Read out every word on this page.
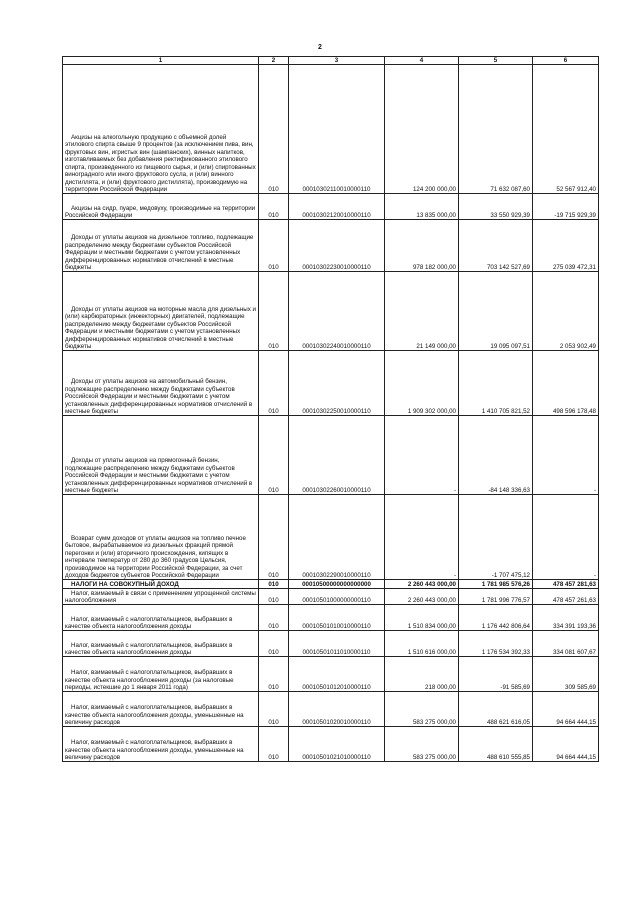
2
1	2	3	4	5	6

Акцизы на алкогольную продукцию с объемной долей этилового спирта свыше 9 процентов (за исключением пива, вин, фруктовых вин, игристых вин (шампанских), винных напитков, изготавливаемых без добавления ректификованного этилового спирта, произведенного из пищевого сырья, и (или) спиртованных виноградного или иного фруктового сусла, и (или) винного дистиллята, и (или) фруктового дистиллята), производимую на территории Российской Федерации	010	00010302110010000110	124 200 000,00	71 632 087,60	52 567 912,40

Акцизы на сидр, пуаре, медовуху, производимые на территории Российской Федерации	010	00010302120010000110	13 835 000,00	33 550 929,39	-19 715 929,39

Доходы от уплаты акцизов на дизельное топливо, подлежащие распределению между бюджетами субъектов Российской Федерации и местными бюджетами с учетом установленных дифференцированных нормативов отчислений в местные бюджеты	010	00010302230010000110	978 182 000,00	703 142 527,69	275 039 472,31

Доходы от уплаты акцизов на моторные масла для дизельных и (или) карбюраторных (инжекторных) двигателей, подлежащие распределению между бюджетами субъектов Российской Федерации и местными бюджетами с учетом установленных дифференцированных нормативов отчислений в местные бюджеты	010	00010302240010000110	21 149 000,00	19 095 097,51	2 053 902,49

Доходы от уплаты акцизов на автомобильный бензин, подлежащие распределению между бюджетами субъектов Российской Федерации и местными бюджетами с учетом установленных дифференцированных нормативов отчислений в местные бюджеты	010	00010302250010000110	1 909 302 000,00	1 410 705 821,52	498 596 178,48

Доходы от уплаты акцизов на прямогонный бензин, подлежащие распределению между бюджетами субъектов Российской Федерации и местными бюджетами с учетом установленных дифференцированных нормативов отчислений в местные бюджеты	010	00010302260010000110	-	-84 148 336,63	-

Возврат сумм доходов от уплаты акцизов на топливо печное бытовое, вырабатываемое из дизельных фракций прямой перегонки и (или) вторичного происхождения, кипящих в интервале температур от 280 до 360 градусов Цельсия, производимое на территории Российской Федерации, за счет доходов бюджетов субъектов Российской Федерации	010	00010302290010000110	-	-1 707 475,12	-

НАЛОГИ НА СОВОКУПНЫЙ ДОХОД	010	00010500000000000000	2 260 443 000,00	1 781 985 576,26	478 457 281,63

Налог, взимаемый в связи с применением упрощенной системы налогообложения	010	00010501000000000110	2 260 443 000,00	1 781 996 776,57	478 457 261,63

Налог, взимаемый с налогоплательщиков, выбравших в качестве объекта налогообложения доходы	010	00010501010010000110	1 510 834 000,00	1 176 442 806,64	334 391 193,36

Налог, взимаемый с налогоплательщиков, выбравших в качестве объекта налогообложения доходы	010	00010501011010000110	1 510 616 000,00	1 176 534 392,33	334 081 607,67

Налог, взимаемый с налогоплательщиков, выбравших в качестве объекта налогообложения доходы (за налоговые периоды, истекшие до 1 января 2011 года)	010	00010501012010000110	218 000,00	-91 585,69	309 585,69

Налог, взимаемый с налогоплательщиков, выбравших в качестве объекта налогообложения доходы, уменьшенные на величину расходов	010	00010501020010000110	583 275 000,00	488 621 616,05	94 664 444,15

Налог, взимаемый с налогоплательщиков, выбравших в качестве объекта налогообложения доходы, уменьшенные на величину расходов	010	00010501021010000110	583 275 000,00	488 610 555,85	94 664 444,15
